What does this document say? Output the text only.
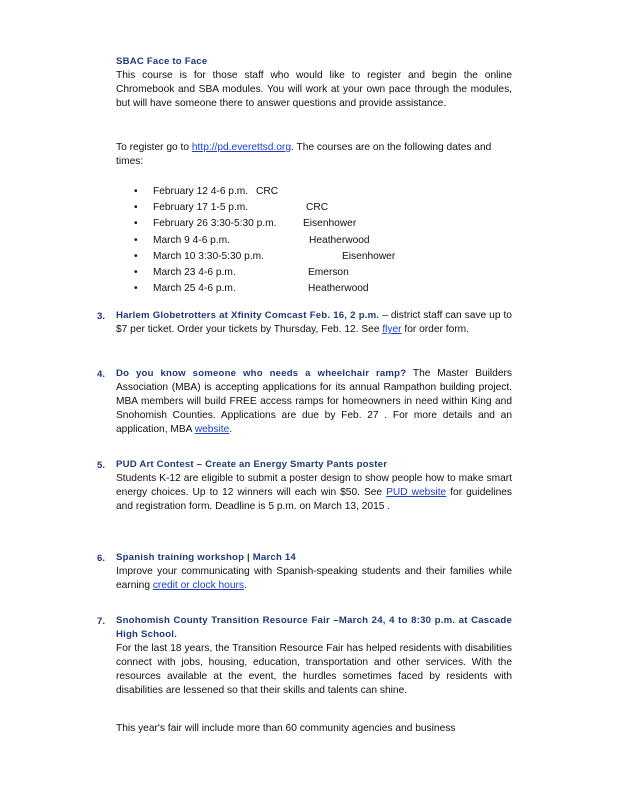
SBAC Face to Face
This course is for those staff who would like to register and begin the online Chromebook and SBA modules. You will work at your own pace through the modules, but will have someone there to answer questions and provide assistance.
To register go to http://pd.everettsd.org. The courses are on the following dates and times:
• February 12 4-6 p.m. CRC
• February 17 1-5 p.m.	CRC
• February 26 3:30-5:30 p.m.	Eisenhower
• March 9 4-6 p.m.	Heatherwood
• March 10 3:30-5:30 p.m.	Eisenhower
• March 23 4-6 p.m.	Emerson
• March 25 4-6 p.m.	Heatherwood
3. Harlem Globetrotters at Xfinity Comcast Feb. 16, 2 p.m. – district staff can save up to $7 per ticket. Order your tickets by Thursday, Feb. 12. See flyer for order form.
4. Do you know someone who needs a wheelchair ramp? The Master Builders Association (MBA) is accepting applications for its annual Rampathon building project. MBA members will build FREE access ramps for homeowners in need within King and Snohomish Counties. Applications are due by Feb. 27 . For more details and an application, MBA website.
5. PUD Art Contest – Create an Energy Smarty Pants poster
Students K-12 are eligible to submit a poster design to show people how to make smart energy choices. Up to 12 winners will each win $50. See PUD website for guidelines and registration form. Deadline is 5 p.m. on March 13, 2015 .
6. Spanish training workshop | March 14
Improve your communicating with Spanish-speaking students and their families while earning credit or clock hours.
7. Snohomish County Transition Resource Fair –March 24, 4 to 8:30 p.m. at Cascade High School.
For the last 18 years, the Transition Resource Fair has helped residents with disabilities connect with jobs, housing, education, transportation and other services. With the resources available at the event, the hurdles sometimes faced by residents with disabilities are lessened so that their skills and talents can shine.
This year's fair will include more than 60 community agencies and business
